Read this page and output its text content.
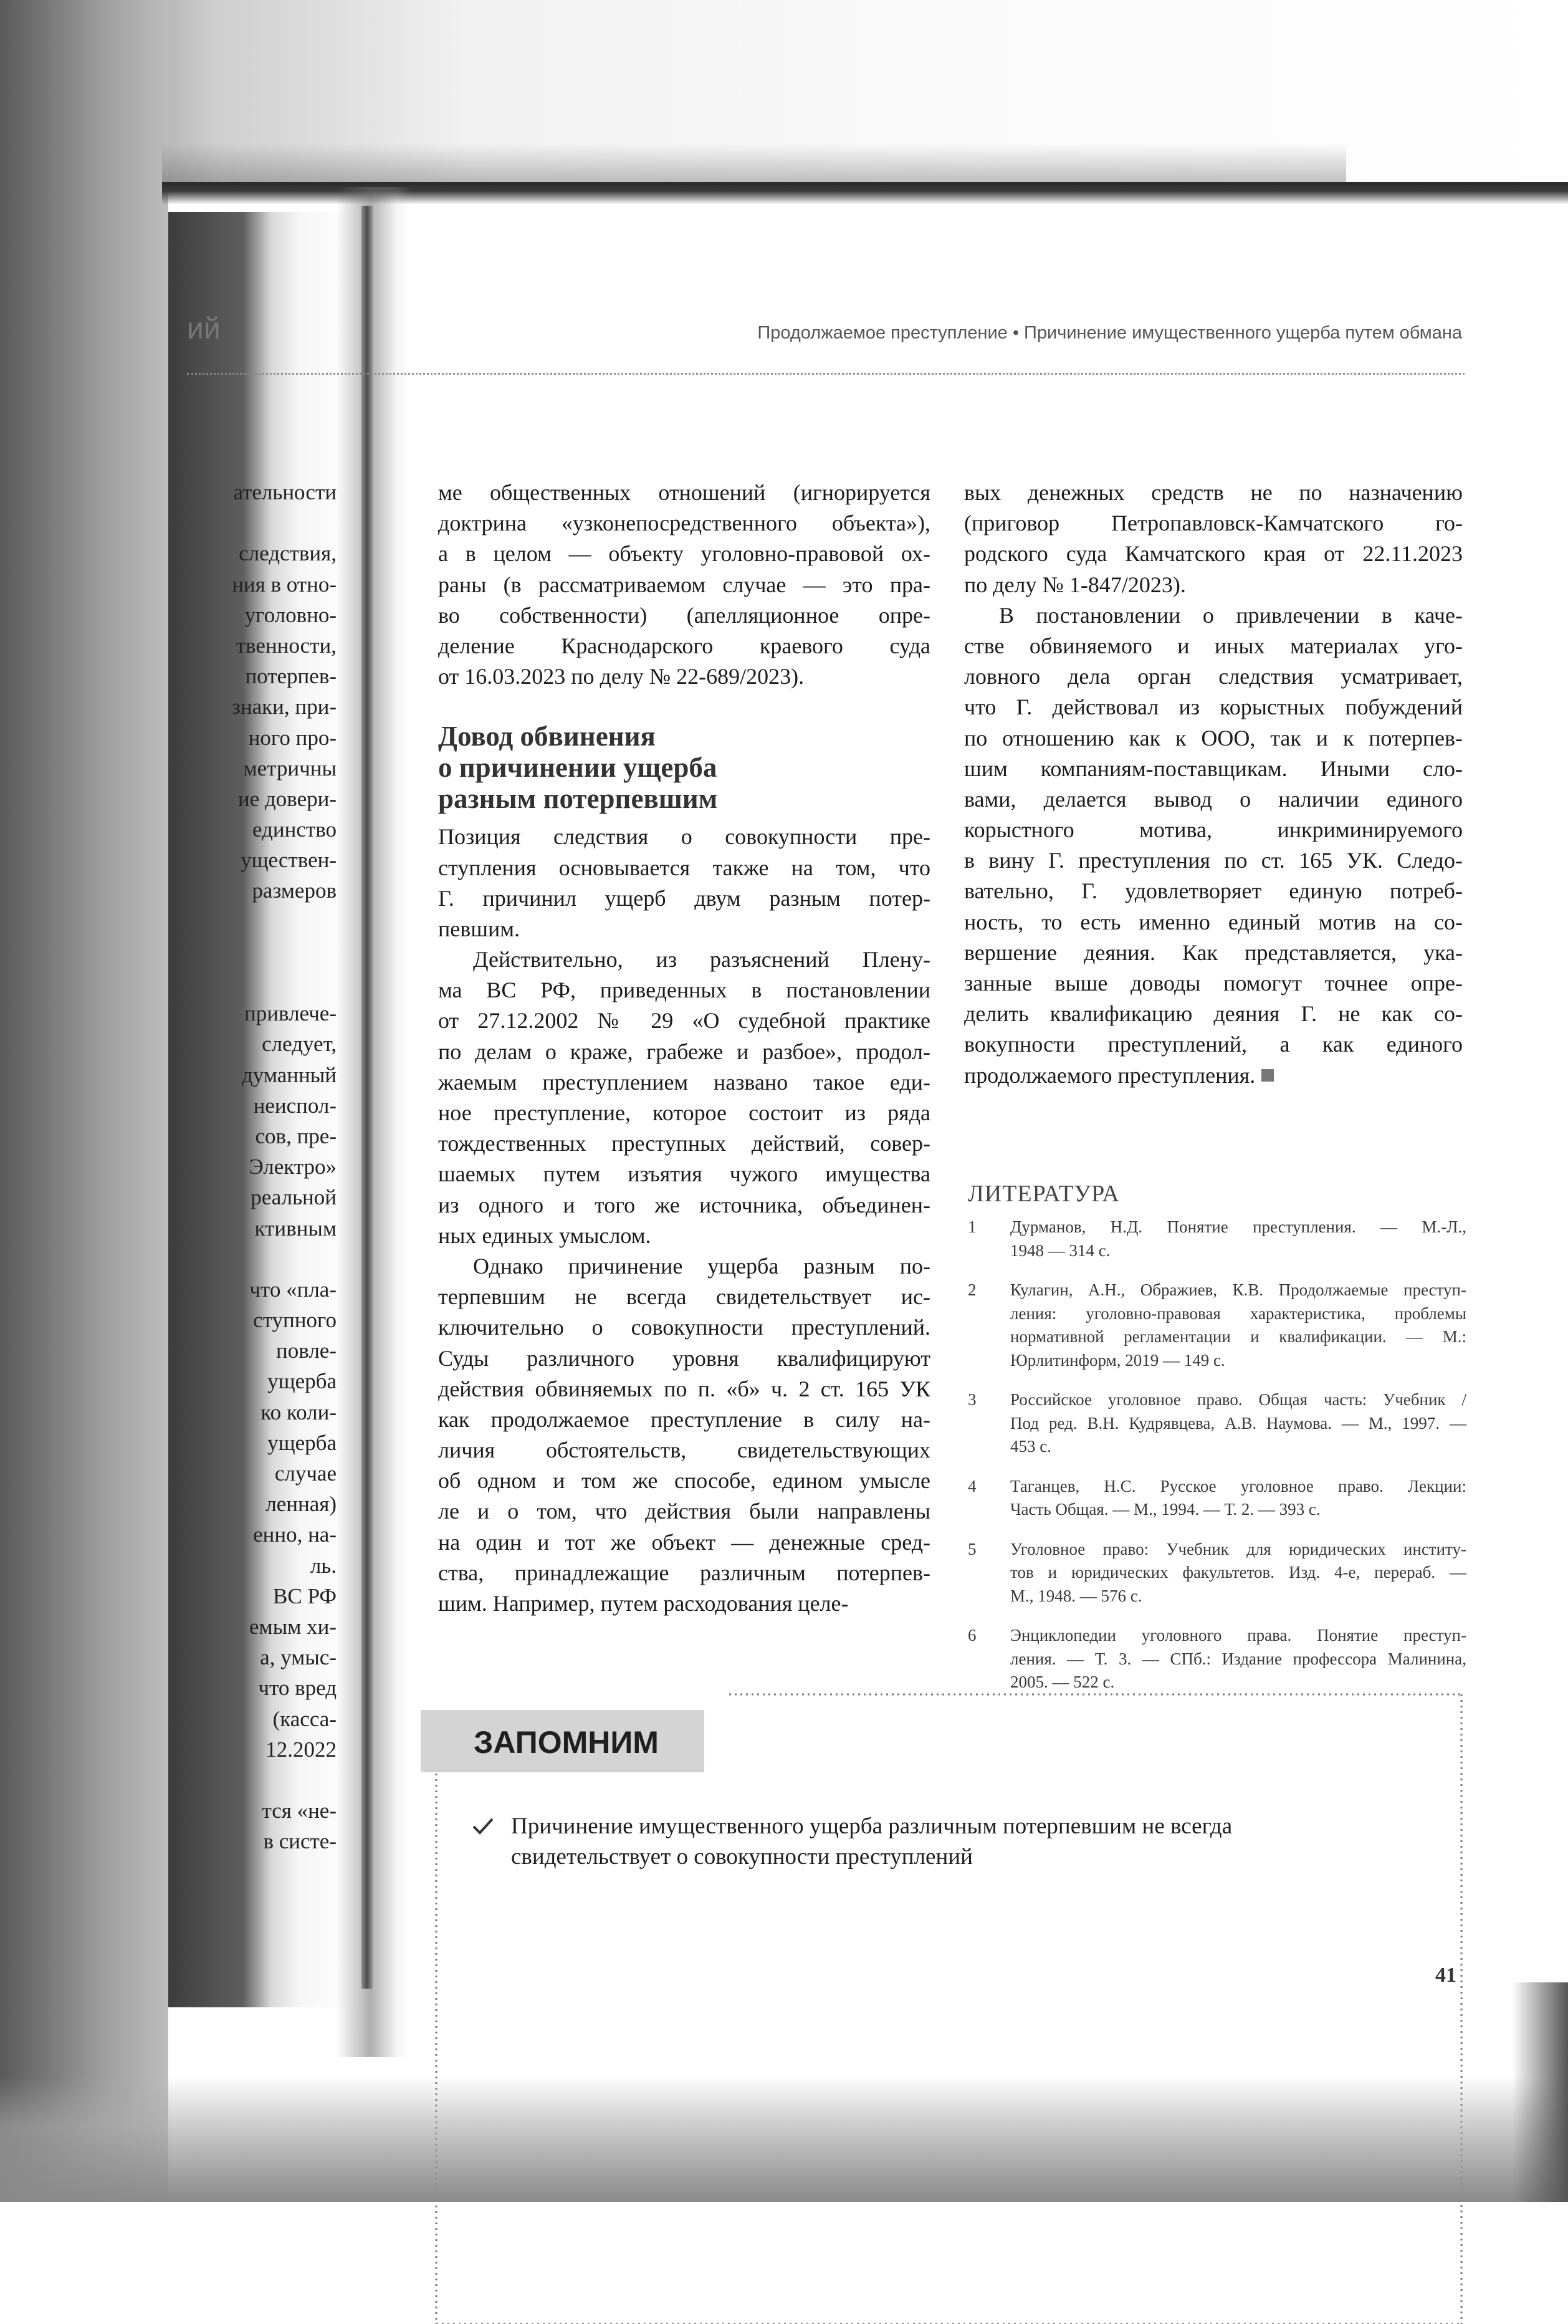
ий
ательности
следствия,
ния в отно-
уголовно-
твенности,
потерпев-
знаки, при-
ного про-
метричны
ие довери-
единство
уществен-
размеров
привлече-
следует,
думанный
неиспол-
сов, пре-
Электро»
реальной
ктивным
что «пла-
ступного
повле-
ущерба
ко коли-
ущерба
случае
ленная)
енно, на-
ль.
ВС РФ
емым хи-
а, умыс-
что вред
(касса-
12.2022
тся «не-
в систе-
Продолжаемое преступление • Причинение имущественного ущерба путем обмана
ме общественных отношений (игнорируется
доктрина «узконепосредственного объекта»),
а в целом — объекту уголовно-правовой ох-
раны (в рассматриваемом случае — это пра-
во собственности) (апелляционное опре-
деление Краснодарского краевого суда
от 16.03.2023 по делу № 22-689/2023).
Довод обвинения
о причинении ущерба
разным потерпевшим
Позиция следствия о совокупности пре-
ступления основывается также на том, что
Г. причинил ущерб двум разным потер-
певшим.
Действительно, из разъяснений Плену-
ма ВС РФ, приведенных в постановлении
от 27.12.2002 № 29 «О судебной практике
по делам о краже, грабеже и разбое», продол-
жаемым преступлением названо такое еди-
ное преступление, которое состоит из ряда
тождественных преступных действий, совер-
шаемых путем изъятия чужого имущества
из одного и того же источника, объединен-
ных единых умыслом.
Однако причинение ущерба разным по-
терпевшим не всегда свидетельствует ис-
ключительно о совокупности преступлений.
Суды различного уровня квалифицируют
действия обвиняемых по п. «б» ч. 2 ст. 165 УК
как продолжаемое преступление в силу на-
личия обстоятельств, свидетельствующих
об одном и том же способе, едином умысле
ле и о том, что действия были направлены
на один и тот же объект — денежные сред-
ства, принадлежащие различным потерпев-
шим. Например, путем расходования целе-
вых денежных средств не по назначению
(приговор Петропавловск-Камчатского го-
родского суда Камчатского края от 22.11.2023
по делу № 1-847/2023).
В постановлении о привлечении в каче-
стве обвиняемого и иных материалах уго-
ловного дела орган следствия усматривает,
что Г. действовал из корыстных побуждений
по отношению как к ООО, так и к потерпев-
шим компаниям-поставщикам. Иными сло-
вами, делается вывод о наличии единого
корыстного мотива, инкриминируемого
в вину Г. преступления по ст. 165 УК. Следо-
вательно, Г. удовлетворяет единую потреб-
ность, то есть именно единый мотив на со-
вершение деяния. Как представляется, ука-
занные выше доводы помогут точнее опре-
делить квалификацию деяния Г. не как со-
вокупности преступлений, а как единого
продолжаемого преступления.
ЛИТЕРАТУРА
1 Дурманов, Н.Д. Понятие преступления. — М.-Л.,
1948 — 314 с.
2 Кулагин, А.Н., Ображиев, К.В. Продолжаемые преступ-
ления: уголовно-правовая характеристика, проблемы
нормативной регламентации и квалификации. — М.:
Юрлитинформ, 2019 — 149 с.
3 Российское уголовное право. Общая часть: Учебник /
Под ред. В.Н. Кудрявцева, А.В. Наумова. — М., 1997. —
453 с.
4 Таганцев, Н.С. Русское уголовное право. Лекции:
Часть Общая. — М., 1994. — Т. 2. — 393 с.
5 Уголовное право: Учебник для юридических институ-
тов и юридических факультетов. Изд. 4-е, перераб. —
М., 1948. — 576 с.
6 Энциклопедии уголовного права. Понятие преступ-
ления. — Т. 3. — СПб.: Издание профессора Малинина,
2005. — 522 с.
ЗАПОМНИМ
Причинение имущественного ущерба различным потерпевшим не всегда
свидетельствует о совокупности преступлений
41
